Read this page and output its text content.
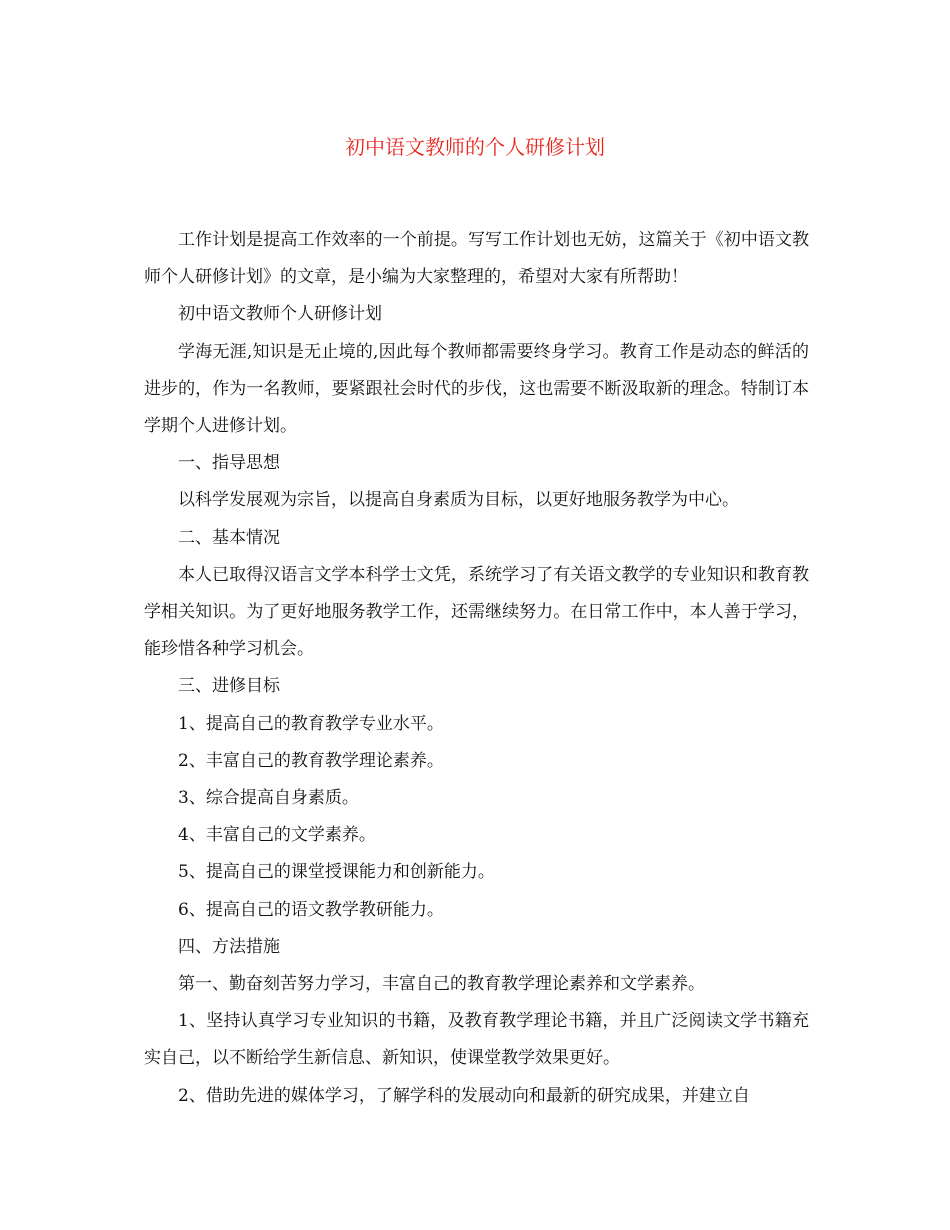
初中语文教师的个人研修计划

工作计划是提高工作效率的一个前提。写写工作计划也无妨，这篇关于《初中语文教师个人研修计划》的文章，是小编为大家整理的，希望对大家有所帮助！

初中语文教师个人研修计划

学海无涯,知识是无止境的,因此每个教师都需要终身学习。教育工作是动态的鲜活的进步的，作为一名教师，要紧跟社会时代的步伐，这也需要不断汲取新的理念。特制订本学期个人进修计划。

一、指导思想

以科学发展观为宗旨，以提高自身素质为目标，以更好地服务教学为中心。

二、基本情况

本人已取得汉语言文学本科学士文凭，系统学习了有关语文教学的专业知识和教育教学相关知识。为了更好地服务教学工作，还需继续努力。在日常工作中，本人善于学习，能珍惜各种学习机会。

三、进修目标

1、提高自己的教育教学专业水平。

2、丰富自己的教育教学理论素养。

3、综合提高自身素质。

4、丰富自己的文学素养。

5、提高自己的课堂授课能力和创新能力。

6、提高自己的语文教学教研能力。

四、方法措施

第一、勤奋刻苦努力学习，丰富自己的教育教学理论素养和文学素养。

1、坚持认真学习专业知识的书籍，及教育教学理论书籍，并且广泛阅读文学书籍充实自己，以不断给学生新信息、新知识，使课堂教学效果更好。

2、借助先进的媒体学习，了解学科的发展动向和最新的研究成果，并建立自
